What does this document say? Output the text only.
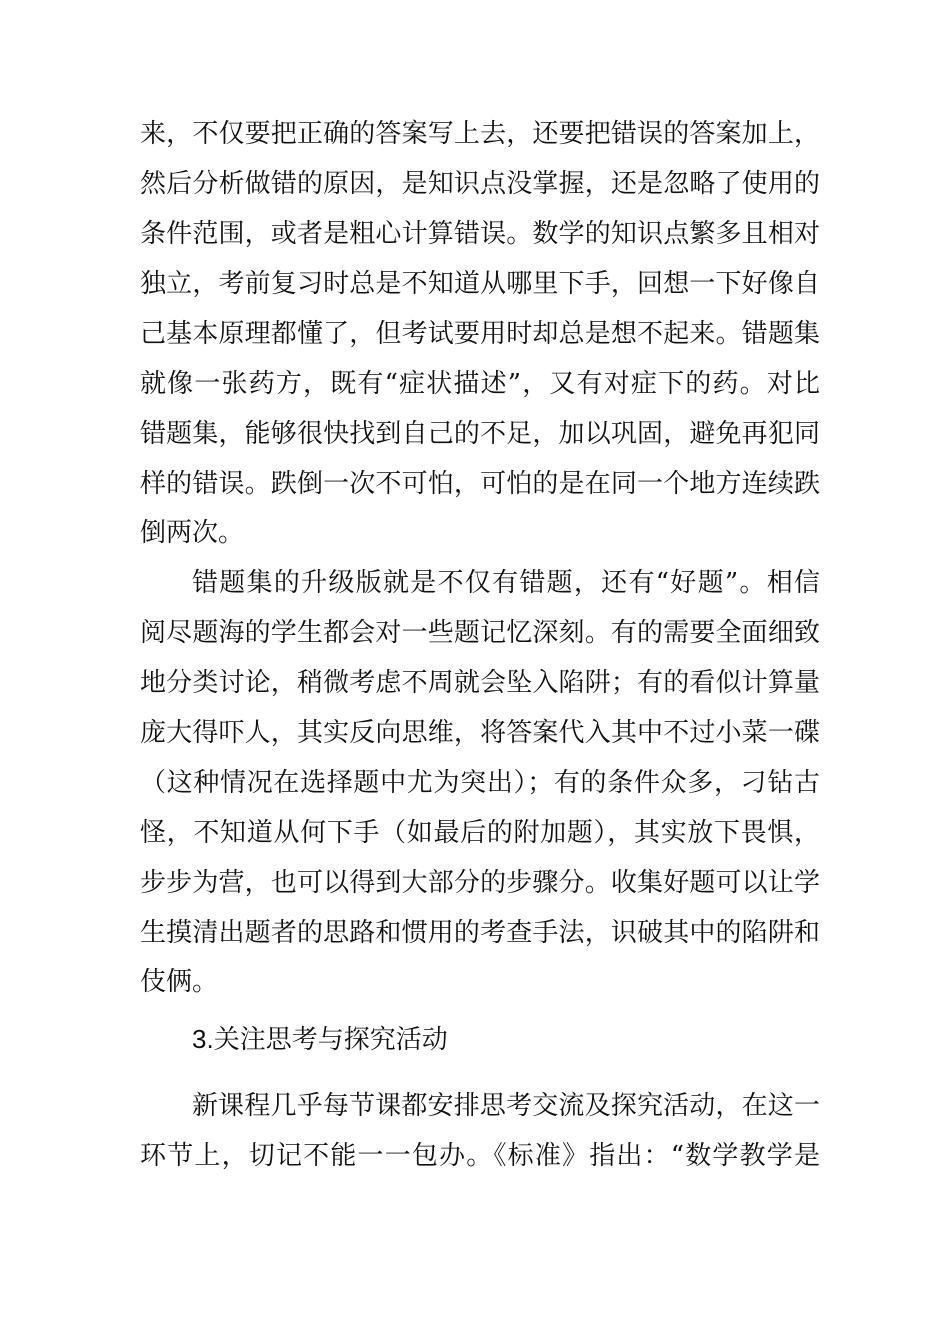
来，不仅要把正确的答案写上去，还要把错误的答案加上，
然后分析做错的原因，是知识点没掌握，还是忽略了使用的
条件范围，或者是粗心计算错误。数学的知识点繁多且相对
独立，考前复习时总是不知道从哪里下手，回想一下好像自
己基本原理都懂了，但考试要用时却总是想不起来。错题集
就像一张药方，既有“症状描述”，又有对症下的药。对比
错题集，能够很快找到自己的不足，加以巩固，避免再犯同
样的错误。跌倒一次不可怕，可怕的是在同一个地方连续跌
倒两次。
错题集的升级版就是不仅有错题，还有“好题”。相信
阅尽题海的学生都会对一些题记忆深刻。有的需要全面细致
地分类讨论，稍微考虑不周就会坠入陷阱；有的看似计算量
庞大得吓人，其实反向思维，将答案代入其中不过小菜一碟
（这种情况在选择题中尤为突出）；有的条件众多，刁钻古
怪，不知道从何下手（如最后的附加题），其实放下畏惧，
步步为营，也可以得到大部分的步骤分。收集好题可以让学
生摸清出题者的思路和惯用的考查手法，识破其中的陷阱和
伎俩。
3.关注思考与探究活动
新课程几乎每节课都安排思考交流及探究活动，在这一
环节上，切记不能一一包办。《标准》指出：“数学教学是
